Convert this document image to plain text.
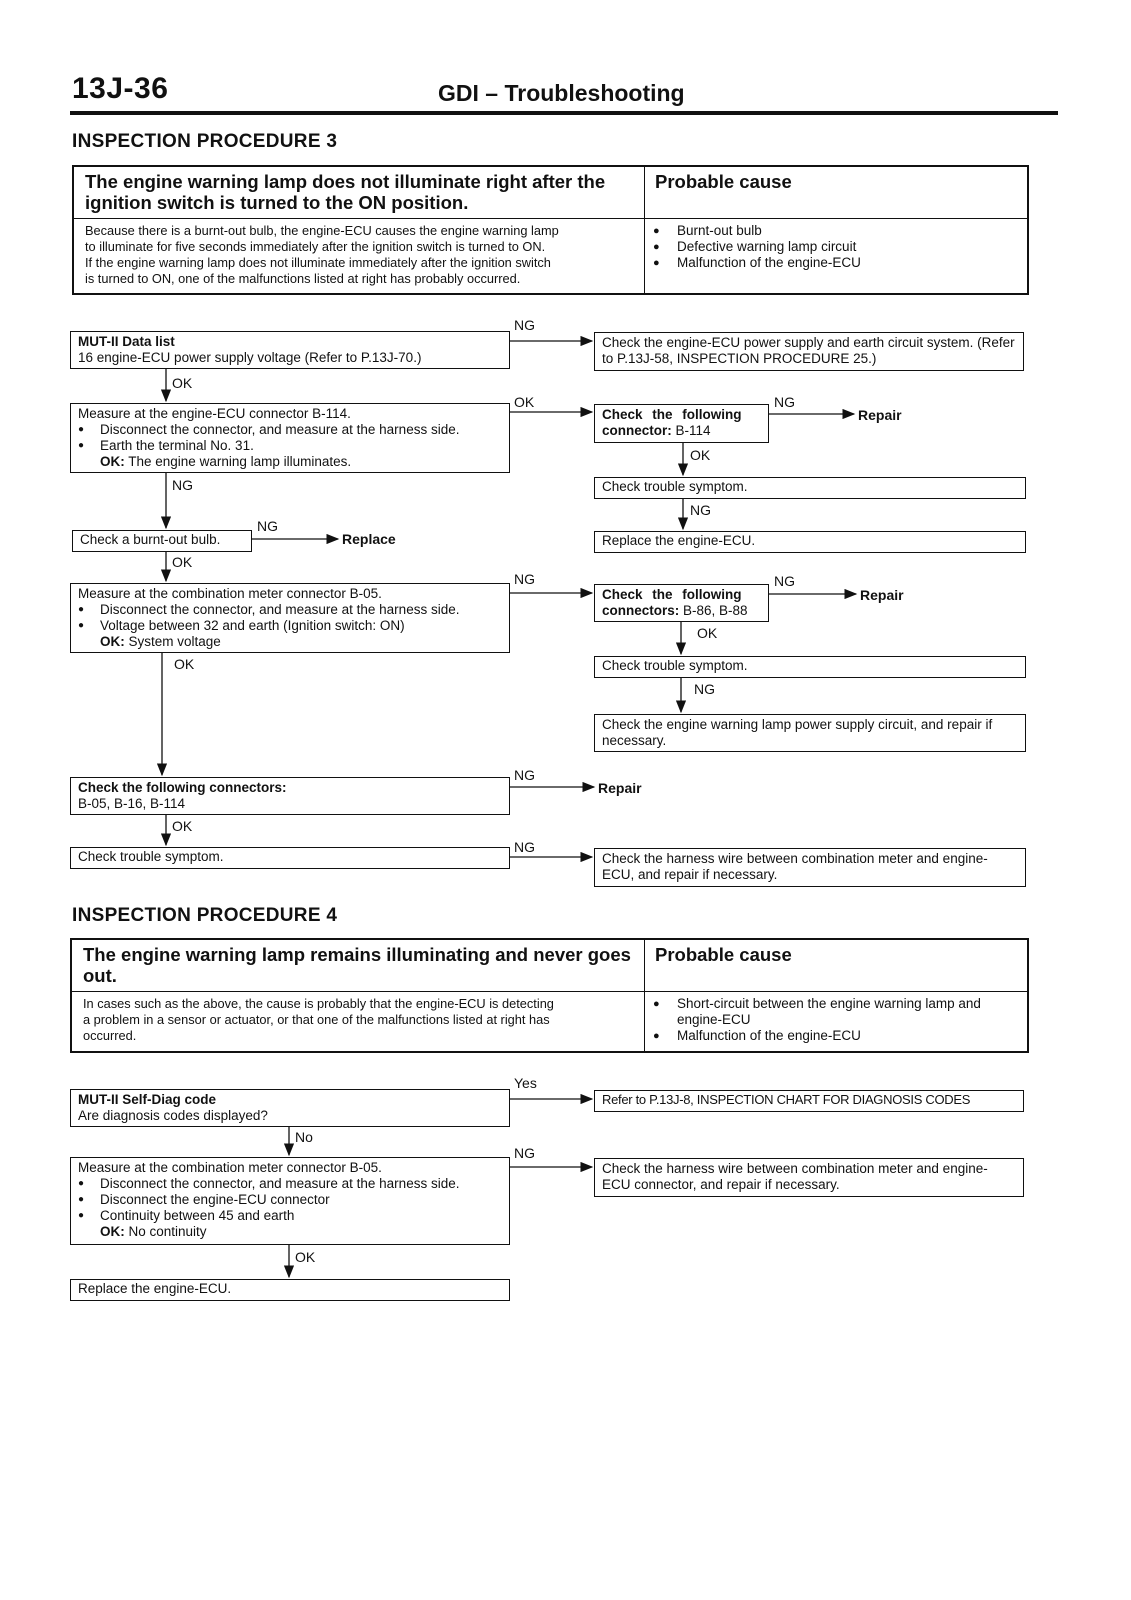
13J-36	GDI – Troubleshooting
INSPECTION PROCEDURE 3
The engine warning lamp does not illuminate right after the ignition switch is turned to the ON position.
Probable cause
Because there is a burnt-out bulb, the engine-ECU causes the engine warning lamp
to illuminate for five seconds immediately after the ignition switch is turned to ON.
If the engine warning lamp does not illuminate immediately after the ignition switch
is turned to ON, one of the malfunctions listed at right has probably occurred.
● Burnt-out bulb
● Defective warning lamp circuit
● Malfunction of the engine-ECU
MUT-II Data list
16 engine-ECU power supply voltage (Refer to P.13J-70.)
Check the engine-ECU power supply and earth circuit system. (Refer to P.13J-58, INSPECTION PROCEDURE 25.)
Measure at the engine-ECU connector B-114.
● Disconnect the connector, and measure at the harness side.
● Earth the terminal No. 31.
OK: The engine warning lamp illuminates.
Check the following
connector: B-114
Repair
Check trouble symptom.
Replace the engine-ECU.
Check a burnt-out bulb.	Replace
Measure at the combination meter connector B-05.
● Disconnect the connector, and measure at the harness side.
● Voltage between 32 and earth (Ignition switch: ON)
OK: System voltage
Check the following
connectors: B-86, B-88
Repair
Check trouble symptom.
Check the engine warning lamp power supply circuit, and repair if necessary.
Check the following connectors:
B-05, B-16, B-114
Repair
Check trouble symptom.	Check the harness wire between combination meter and engine-ECU, and repair if necessary.
INSPECTION PROCEDURE 4
The engine warning lamp remains illuminating and never goes out.
Probable cause
In cases such as the above, the cause is probably that the engine-ECU is detecting
a problem in a sensor or actuator, or that one of the malfunctions listed at right has
occurred.
● Short-circuit between the engine warning lamp and engine-ECU
● Malfunction of the engine-ECU
MUT-II Self-Diag code
Are diagnosis codes displayed?
Refer to P.13J-8, INSPECTION CHART FOR DIAGNOSIS CODES
Measure at the combination meter connector B-05.
● Disconnect the connector, and measure at the harness side.
● Disconnect the engine-ECU connector
● Continuity between 45 and earth
OK: No continuity
Check the harness wire between combination meter and engine-ECU connector, and repair if necessary.
Replace the engine-ECU.
NG
OK
OK	NG
OK
NG
NG
NG
OK
NG	NG
OK
OK
NG
NG
OK
NG
Yes
No
NG
OK
